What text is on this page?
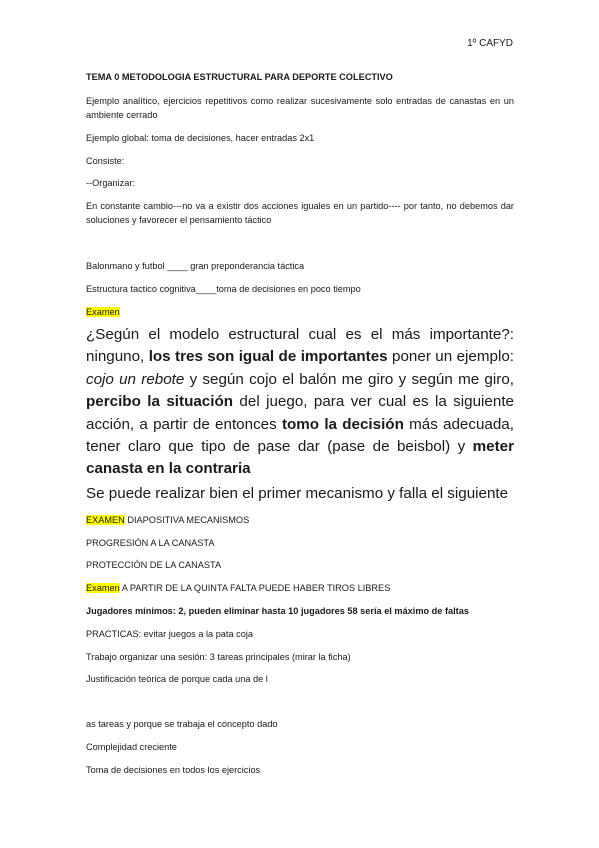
1º CAFYD
TEMA 0 METODOLOGIA ESTRUCTURAL PARA DEPORTE COLECTIVO
Ejemplo analítico, ejercicios repetitivos como realizar sucesivamente solo entradas de canastas en un ambiente cerrado
Ejemplo global: toma de decisiones, hacer entradas 2x1
Consiste:
--Organizar:
En constante cambio---no va a existir dos acciones iguales en un partido---- por tanto, no debemos dar soluciones y favorecer el pensamiento táctico
Balonmano y futbol ____ gran preponderancia táctica
Estructura tactico cognitiva____toma de decisiones en poco tiempo
Examen
¿Según el modelo estructural cual es el más importante?: ninguno, los tres son igual de importantes poner un ejemplo: cojo un rebote y según cojo el balón me giro y según me giro, percibo la situación del juego, para ver cual es la siguiente acción, a partir de entonces tomo la decisión más adecuada, tener claro que tipo de pase dar (pase de beisbol) y meter canasta en la contraria
Se puede realizar bien el primer mecanismo y falla el siguiente
EXAMEN DIAPOSITIVA MECANISMOS
PROGRESIÓN A LA CANASTA
PROTECCIÓN DE LA CANASTA
Examen A PARTIR DE LA QUINTA FALTA PUEDE HABER TIROS LIBRES
Jugadores mínimos: 2, pueden eliminar hasta 10 jugadores 58 sería el máximo de faltas
PRACTICAS: evitar juegos a la pata coja
Trabajo organizar una sesión: 3 tareas principales (mirar la ficha)
Justificación teórica de porque cada una de l
as tareas y porque se trabaja el concepto dado
Complejidad creciente
Toma de decisiones en todos los ejercicios
